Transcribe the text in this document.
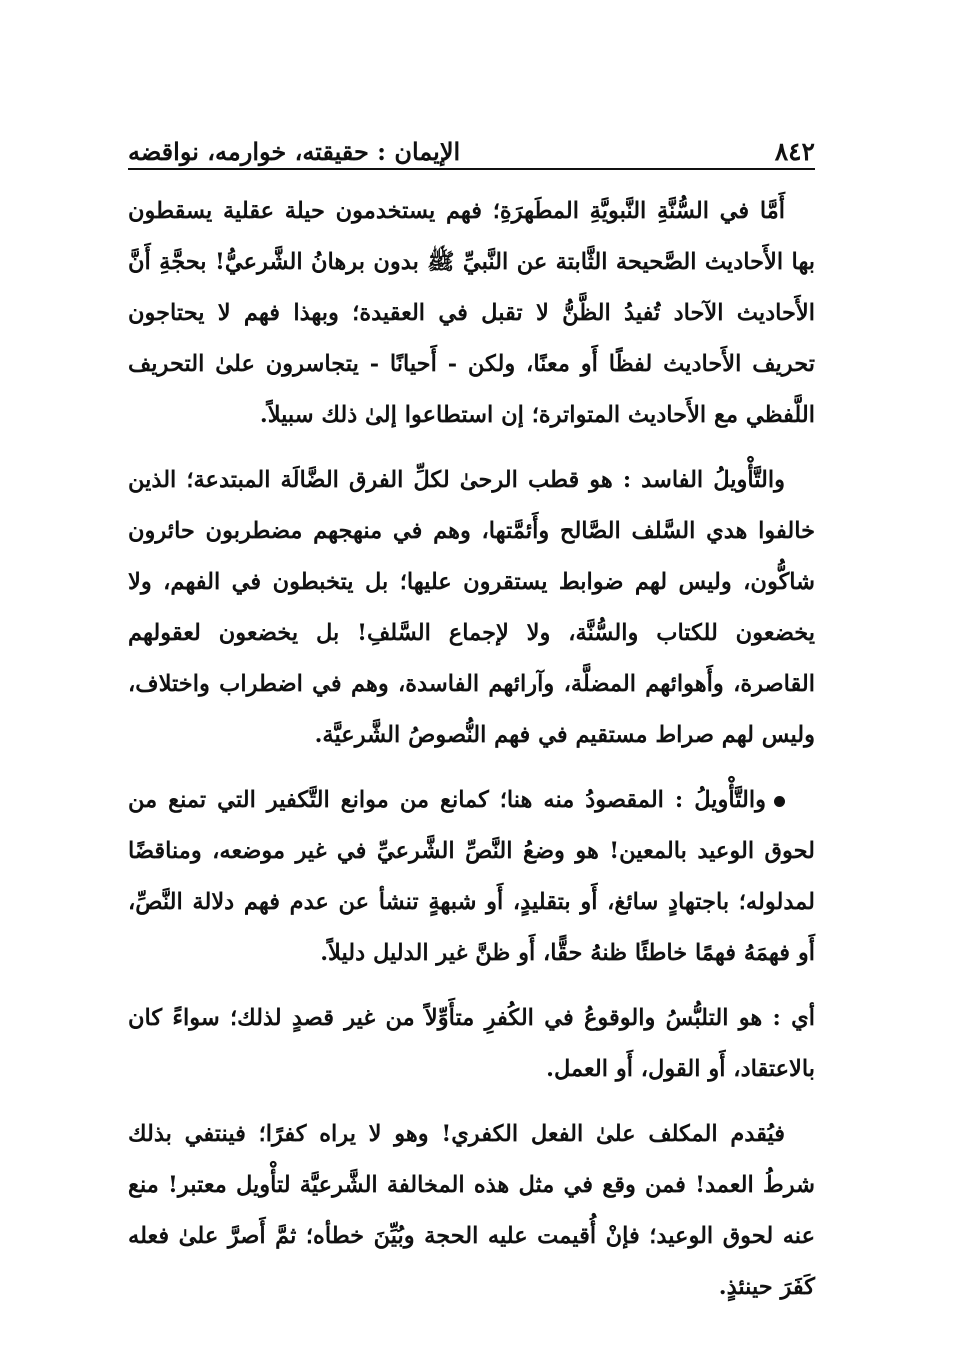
٨٤٢
الإيمان : حقيقته، خوارمه، نواقضه

أَمَّا في السُّنَّةِ النَّبويَّةِ المطَهرَةِ؛ فهم يستخدمون حيلة عقلية يسقطون بها الأَحاديث الصَّحيحة الثَّابتة عن النَّبيِّ ﷺ بدون برهانُ الشَّرعيُّ! بحجَّةِ أَنَّ الأَحاديث الآحاد تُفيدُ الظَّنُّ لا تقبل في العقيدة؛ وبهذا فهم لا يحتاجون تحريف الأَحاديث لفظًا أَو معنًا، ولكن - أَحيانًا - يتجاسرون علىٰ التحريف اللَّفظي مع الأَحاديث المتواترة؛ إن استطاعوا إلىٰ ذلك سبيلاً.

والتَّأْويلُ الفاسد : هو قطب الرحىٰ لكلِّ الفرق الضَّالَة المبتدعة؛ الذين خالفوا هدي السَّلف الصَّالح وأَئمَّتها، وهم في منهجهم مضطربون حائرون شاكُّون، وليس لهم ضوابط يستقرون عليها؛ بل يتخبطون في الفهم، ولا يخضعون للكتاب والسُّنَّة، ولا لإجماع السَّلفِ! بل يخضعون لعقولهم القاصرة، وأَهوائهم المضلَّة، وآرائهم الفاسدة، وهم في اضطراب واختلاف، وليس لهم صراط مستقيم في فهم النُّصوصُ الشَّرعيَّة.

والتَّأْويلُ : المقصودُ منه هنا؛ كمانع من موانع التَّكفير التي تمنع من لحوق الوعيد بالمعين! هو وضعُ النَّصِّ الشَّرعيِّ في غير موضعه، ومناقضًا لمدلوله؛ باجتهادٍ سائغ، أَو بتقليدٍ، أَو شبهةٍ تنشأ عن عدم فهم دلالة النَّصِّ، أَو فهمَهُ فهمًا خاطئًا ظنهُ حقًّا، أَو ظنَّ غير الدليل دليلاً.

أي : هو التلبُّسُ والوقوعُ في الكُفرِ متأَوِّلاً من غير قصدٍ لذلك؛ سواءً كان بالاعتقاد، أَو القول، أَو العمل.

فيُقدم المكلف علىٰ الفعل الكفري! وهو لا يراه كفرًا؛ فينتفي بذلك شرطُ العمد! فمن وقع في مثل هذه المخالفة الشَّرعيَّة لتأْويل معتبر! منع عنه لحوق الوعيد؛ فإنْ أُقيمت عليه الحجة وبُيِّنَ خطأه؛ ثمَّ أَصرَّ علىٰ فعله كَفَرَ حينئذٍ.
